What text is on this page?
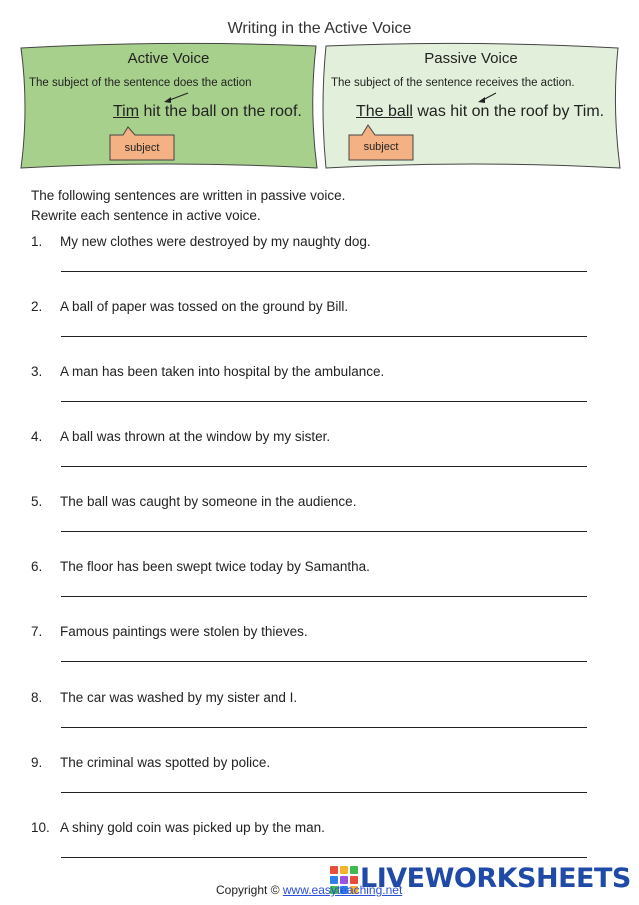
Writing in the Active Voice
Active Voice
The subject of the sentence does the action
Tim hit the ball on the roof.
subject
Passive Voice
The subject of the sentence receives the action.
The ball was hit on the roof by Tim.
subject
The following sentences are written in passive voice.
Rewrite each sentence in active voice.
1. My new clothes were destroyed by my naughty dog.
2. A ball of paper was tossed on the ground by Bill.
3. A man has been taken into hospital by the ambulance.
4. A ball was thrown at the window by my sister.
5. The ball was caught by someone in the audience.
6. The floor has been swept twice today by Samantha.
7. Famous paintings were stolen by thieves.
8. The car was washed by my sister and I.
9. The criminal was spotted by police.
10. A shiny gold coin was picked up by the man.
LIVEWORKSHEETS
Copyright © www.easyteaching.net
